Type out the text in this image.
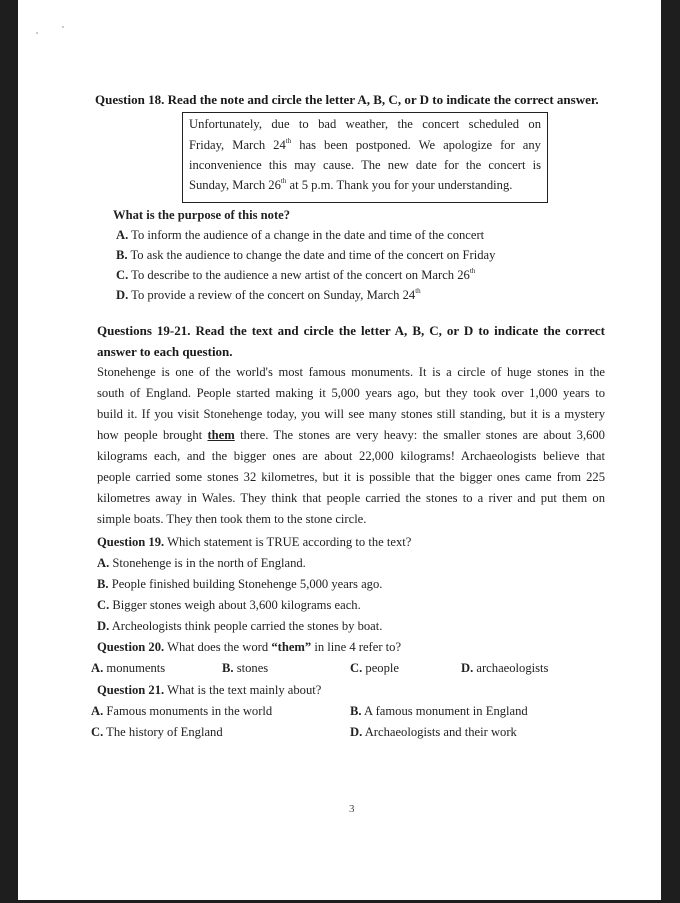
Question 18. Read the note and circle the letter A, B, C, or D to indicate the correct answer.
Unfortunately, due to bad weather, the concert scheduled on
Friday, March 24th has been postponed. We apologize for any
inconvenience this may cause. The new date for the concert is
Sunday, March 26th at 5 p.m. Thank you for your understanding.
What is the purpose of this note?
A. To inform the audience of a change in the date and time of the concert
B. To ask the audience to change the date and time of the concert on Friday
C. To describe to the audience a new artist of the concert on March 26th
D. To provide a review of the concert on Sunday, March 24th
Questions 19-21. Read the text and circle the letter A, B, C, or D to indicate the correct
answer to each question.
Stonehenge is one of the world's most famous monuments. It is a circle of huge stones in the
south of England. People started making it 5,000 years ago, but they took over 1,000 years to
build it. If you visit Stonehenge today, you will see many stones still standing, but it is a mystery
how people brought them there. The stones are very heavy: the smaller stones are about 3,600
kilograms each, and the bigger ones are about 22,000 kilograms! Archaeologists believe that
people carried some stones 32 kilometres, but it is possible that the bigger ones came from 225
kilometres away in Wales. They think that people carried the stones to a river and put them on
simple boats. They then took them to the stone circle.
Question 19. Which statement is TRUE according to the text?
A. Stonehenge is in the north of England.
B. People finished building Stonehenge 5,000 years ago.
C. Bigger stones weigh about 3,600 kilograms each.
D. Archeologists think people carried the stones by boat.
Question 20. What does the word “them” in line 4 refer to?
A. monuments	B. stones	C. people	D. archaeologists
Question 21. What is the text mainly about?
A. Famous monuments in the world	B. A famous monument in England
C. The history of England	D. Archaeologists and their work
3
